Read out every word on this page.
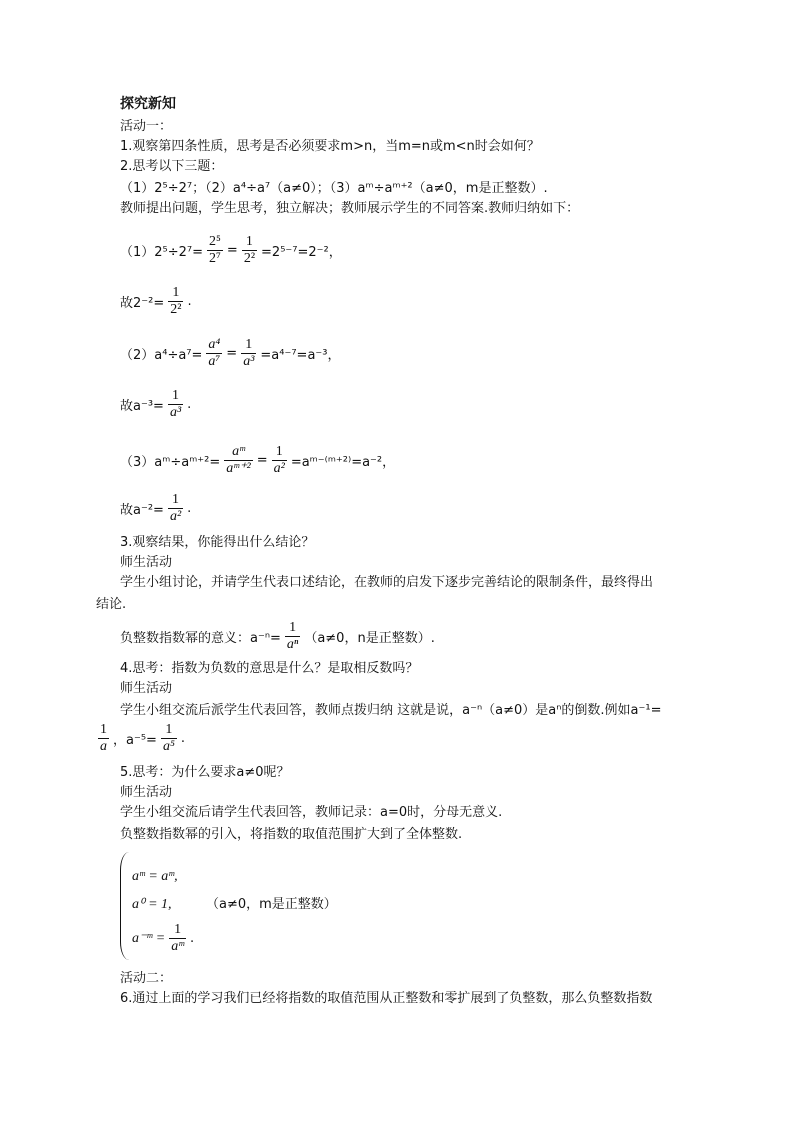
探究新知
活动一：
1.观察第四条性质，思考是否必须要求m>n，当m=n或m<n时会如何？
2.思考以下三题：
（1）2⁵÷2⁷；（2）a⁴÷a⁷（a≠0）；（3）aᵐ÷aᵐ⁺²（a≠0，m是正整数）.
教师提出问题，学生思考，独立解决；教师展示学生的不同答案.教师归纳如下：
$(1)2^5\div 2^7= \frac{\text{2⁵}}{\text{2⁷}} = \frac{1}{\text{2²}} =2^{5-7}=2^{-2}$，
故$2^{-2}= \frac{1}{\text{2²}}$ .
$(2)a^4\div a^7= \frac{\text{a⁴}}{\text{a⁷}} = \frac{1}{\text{a³}} =a^{4-7}=a^{-3}$，
故$a^{-3}= \frac{1}{\text{a³}}$ .
（3）aᵐ÷aᵐ⁺²= $\frac{\text{aᵐ}}{\text{aᵐ⁺²}} = \frac{1}{\text{a²}}$ =aᵐ⁻⁽ᵐ⁺²⁾=a⁻²，
故$a^{-2}= \frac{1}{\text{a²}}$ .
3.观察结果，你能得出什么结论？
师生活动
学生小组讨论，并请学生代表口述结论，在教师的启发下逐步完善结论的限制条件，最终得出
结论.
负整数指数幂的意义：$a^{-n}= \frac{1}{\text{aⁿ}} (a\ne 0$，n是正整数）.
4.思考：指数为负数的意思是什么？是取相反数吗？
师生活动
学生小组交流后派学生代表回答，教师点拨归纳 这就是说，a⁻ⁿ（a≠0）是aⁿ的倒数.例如a⁻¹=
$\frac{1}{a}$ ，$a^{-5}= \frac{1}{\text{a⁵}}$ .
5.思考：为什么要求a≠0呢？
师生活动
学生小组交流后请学生代表回答，教师记录：a=0时，分母无意义.
负整数指数幂的引入，将指数的取值范围扩大到了全体整数.
aᵐ = aᵐ,
a⁰ = 1,	（a≠0，m是正整数）
a⁻ᵐ = $\frac{1}{\text{aᵐ}}$ .
活动二：
6.通过上面的学习我们已经将指数的取值范围从正整数和零扩展到了负整数，那么负整数指数
